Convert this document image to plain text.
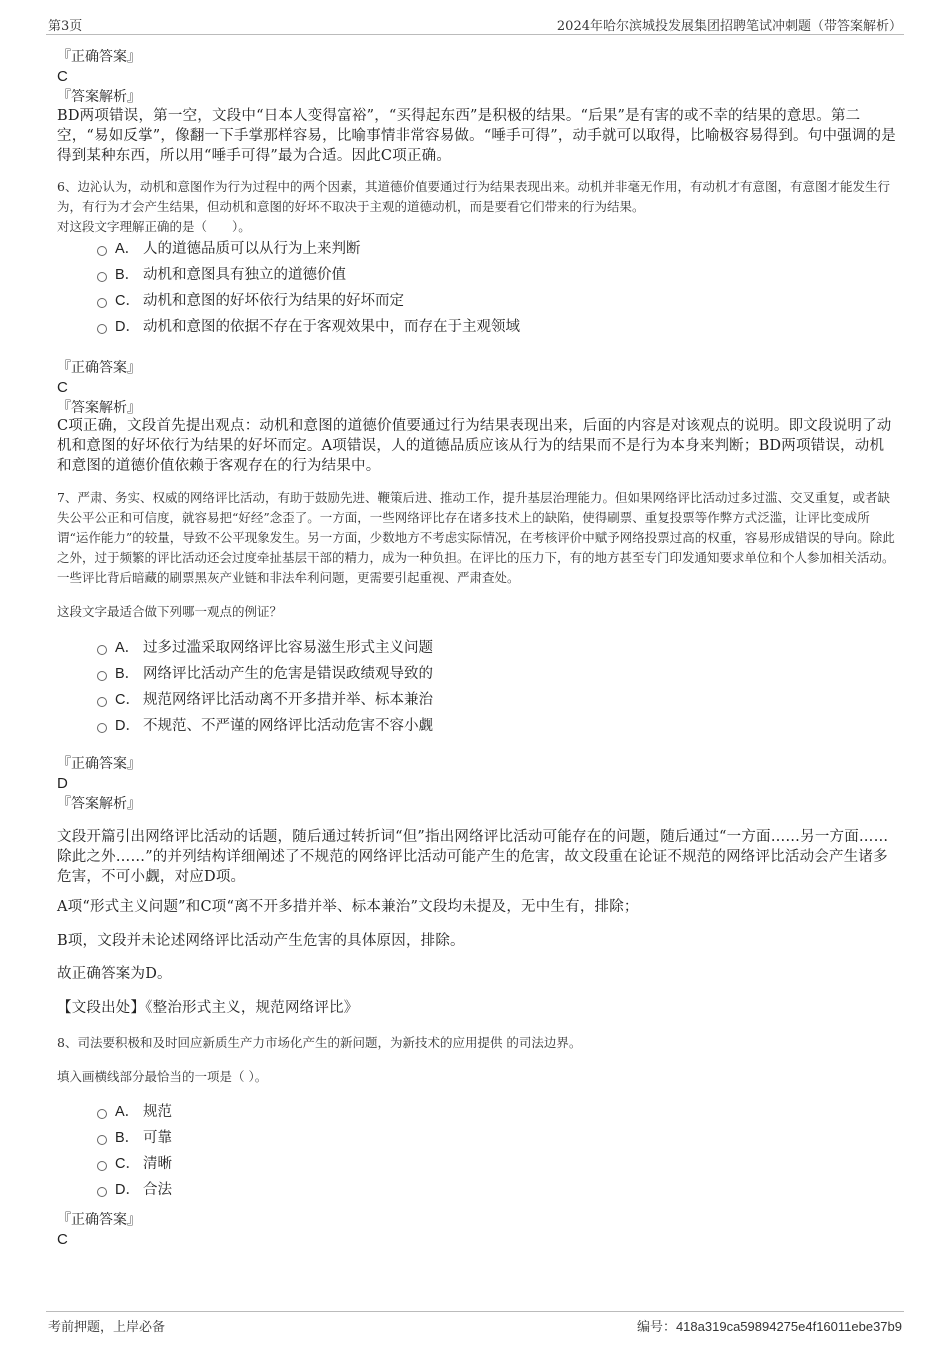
第3页	2024年哈尔滨城投发展集团招聘笔试冲刺题（带答案解析）
『正确答案』
C
『答案解析』

BD两项错误，第一空，文段中“日本人变得富裕”，“买得起东西”是积极的结果。“后果”是有害的或不幸的结果的意思。第二空，“易如反掌”，像翻一下手掌那样容易，比喻事情非常容易做。“唾手可得”，动手就可以取得，比喻极容易得到。句中强调的是得到某种东西，所以用“唾手可得”最为合适。因此C项正确。

6、边沁认为，动机和意图作为行为过程中的两个因素，其道德价值要通过行为结果表现出来。动机并非毫无作用，有动机才有意图，有意图才能发生行为，有行为才会产生结果，但动机和意图的好坏不取决于主观的道德动机，而是要看它们带来的行为结果。

对这段文字理解正确的是（　　）。

A． 人的道德品质可以从行为上来判断
B． 动机和意图具有独立的道德价值
C． 动机和意图的好坏依行为结果的好坏而定
D． 动机和意图的依据不存在于客观效果中，而存在于主观领域
『正确答案』
C
『答案解析』

C项正确，文段首先提出观点：动机和意图的道德价值要通过行为结果表现出来，后面的内容是对该观点的说明。即文段说明了动机和意图的好坏依行为结果的好坏而定。A项错误，人的道德品质应该从行为的结果而不是行为本身来判断；BD两项错误，动机和意图的道德价值依赖于客观存在的行为结果中。

7、严肃、务实、权威的网络评比活动，有助于鼓励先进、鞭策后进、推动工作，提升基层治理能力。但如果网络评比活动过多过滥、交叉重复，或者缺失公平公正和可信度，就容易把“好经”念歪了。一方面，一些网络评比存在诸多技术上的缺陷，使得刷票、重复投票等作弊方式泛滥，让评比变成所谓“运作能力”的较量，导致不公平现象发生。另一方面，少数地方不考虑实际情况，在考核评价中赋予网络投票过高的权重，容易形成错误的导向。除此之外，过于频繁的评比活动还会过度牵扯基层干部的精力，成为一种负担。在评比的压力下，有的地方甚至专门印发通知要求单位和个人参加相关活动。一些评比背后暗藏的刷票黑灰产业链和非法牟利问题，更需要引起重视、严肃查处。

这段文字最适合做下列哪一观点的例证？

A． 过多过滥采取网络评比容易滋生形式主义问题
B． 网络评比活动产生的危害是错误政绩观导致的
C． 规范网络评比活动离不开多措并举、标本兼治
D． 不规范、不严谨的网络评比活动危害不容小觑
『正确答案』
D
『答案解析』

文段开篇引出网络评比活动的话题，随后通过转折词“但”指出网络评比活动可能存在的问题，随后通过“一方面……另一方面……除此之外……”的并列结构详细阐述了不规范的网络评比活动可能产生的危害，故文段重在论证不规范的网络评比活动会产生诸多危害，不可小觑，对应D项。

A项“形式主义问题”和C项“离不开多措并举、标本兼治”文段均未提及，无中生有，排除；

B项，文段并未论述网络评比活动产生危害的具体原因，排除。

故正确答案为D。

【文段出处】《整治形式主义，规范网络评比》

8、司法要积极和及时回应新质生产力市场化产生的新问题，为新技术的应用提供 的司法边界。

填入画横线部分最恰当的一项是（ ）。

A． 规范
B． 可靠
C． 清晰
D． 合法
『正确答案』
C
考前押题，上岸必备	编号：418a319ca59894275e4f16011ebe37b9
